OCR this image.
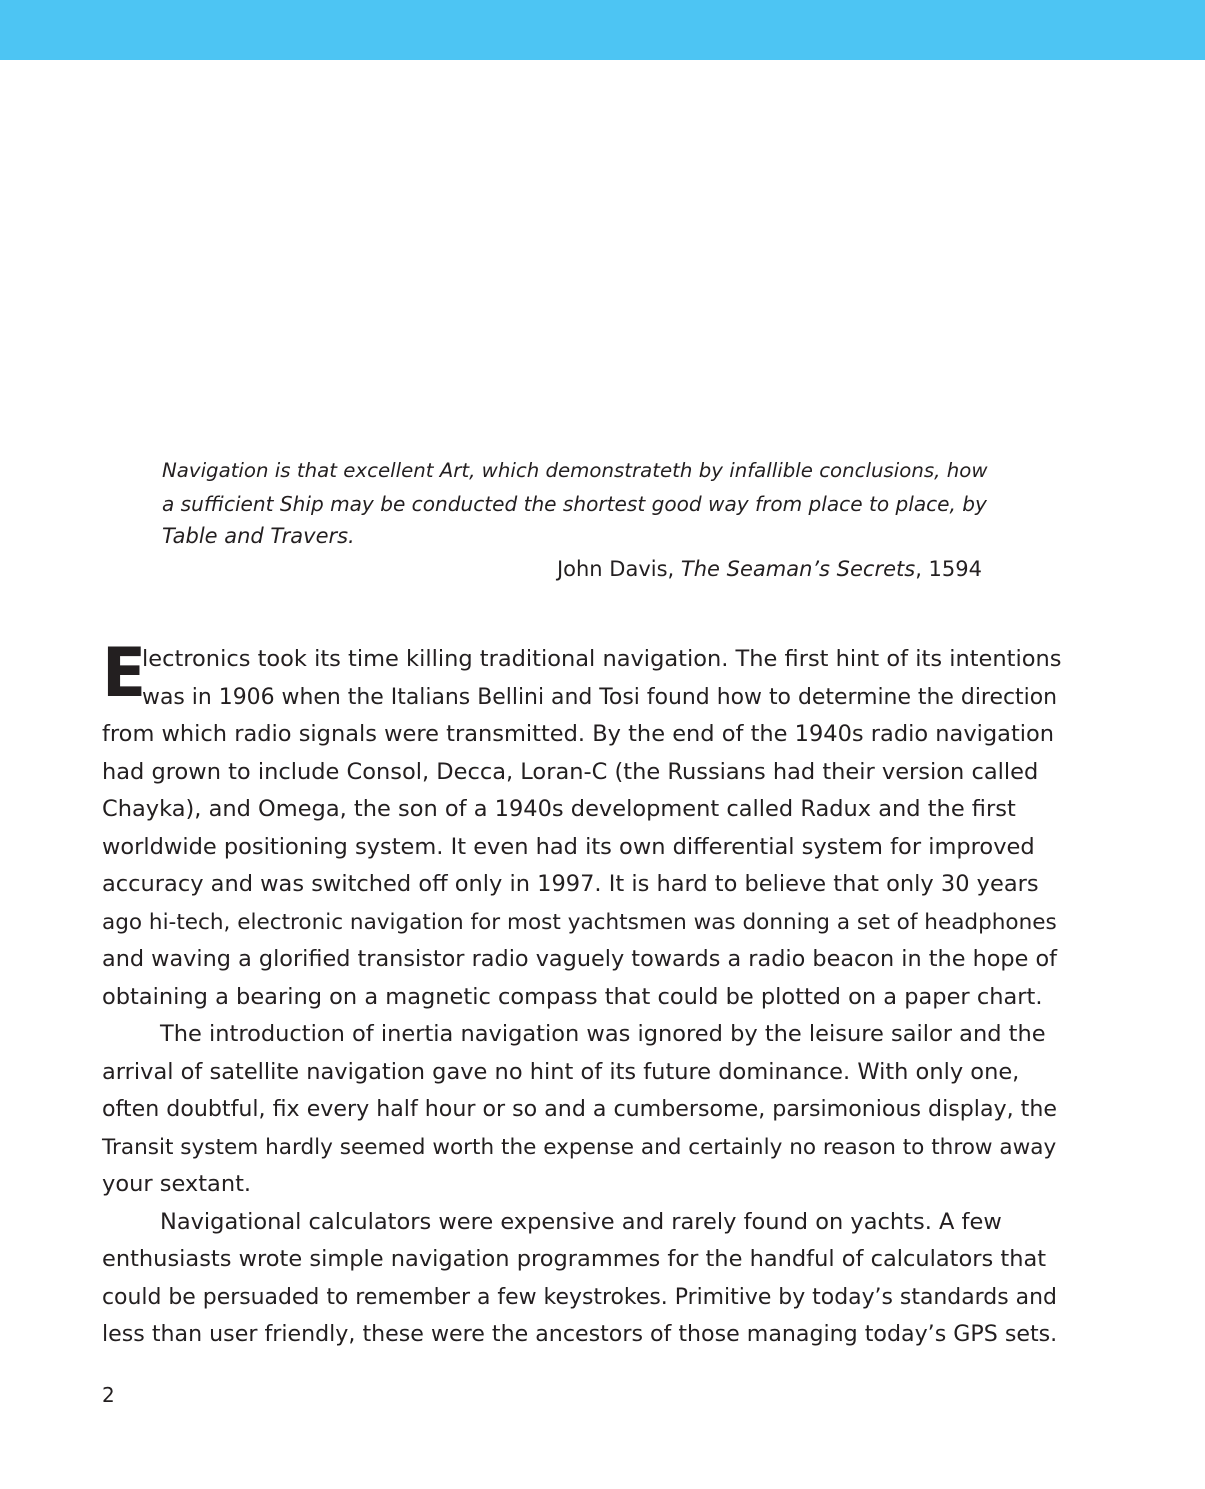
Navigation is that excellent Art, which demonstrateth by infallible conclusions, how
a sufficient Ship may be conducted the shortest good way from place to place, by
Table and Travers.
John Davis, The Seaman’s Secrets, 1594
E
lectronics took its time killing traditional navigation. The first hint of its intentions
was in 1906 when the Italians Bellini and Tosi found how to determine the direction
from which radio signals were transmitted. By the end of the 1940s radio navigation
had grown to include Consol, Decca, Loran-C (the Russians had their version called
Chayka), and Omega, the son of a 1940s development called Radux and the first
worldwide positioning system. It even had its own differential system for improved
accuracy and was switched off only in 1997. It is hard to believe that only 30 years
ago hi-tech, electronic navigation for most yachtsmen was donning a set of headphones
and waving a glorified transistor radio vaguely towards a radio beacon in the hope of
obtaining a bearing on a magnetic compass that could be plotted on a paper chart.
The introduction of inertia navigation was ignored by the leisure sailor and the
arrival of satellite navigation gave no hint of its future dominance. With only one,
often doubtful, fix every half hour or so and a cumbersome, parsimonious display, the
Transit system hardly seemed worth the expense and certainly no reason to throw away
your sextant.
Navigational calculators were expensive and rarely found on yachts. A few
enthusiasts wrote simple navigation programmes for the handful of calculators that
could be persuaded to remember a few keystrokes. Primitive by today’s standards and
less than user friendly, these were the ancestors of those managing today’s GPS sets.
2
